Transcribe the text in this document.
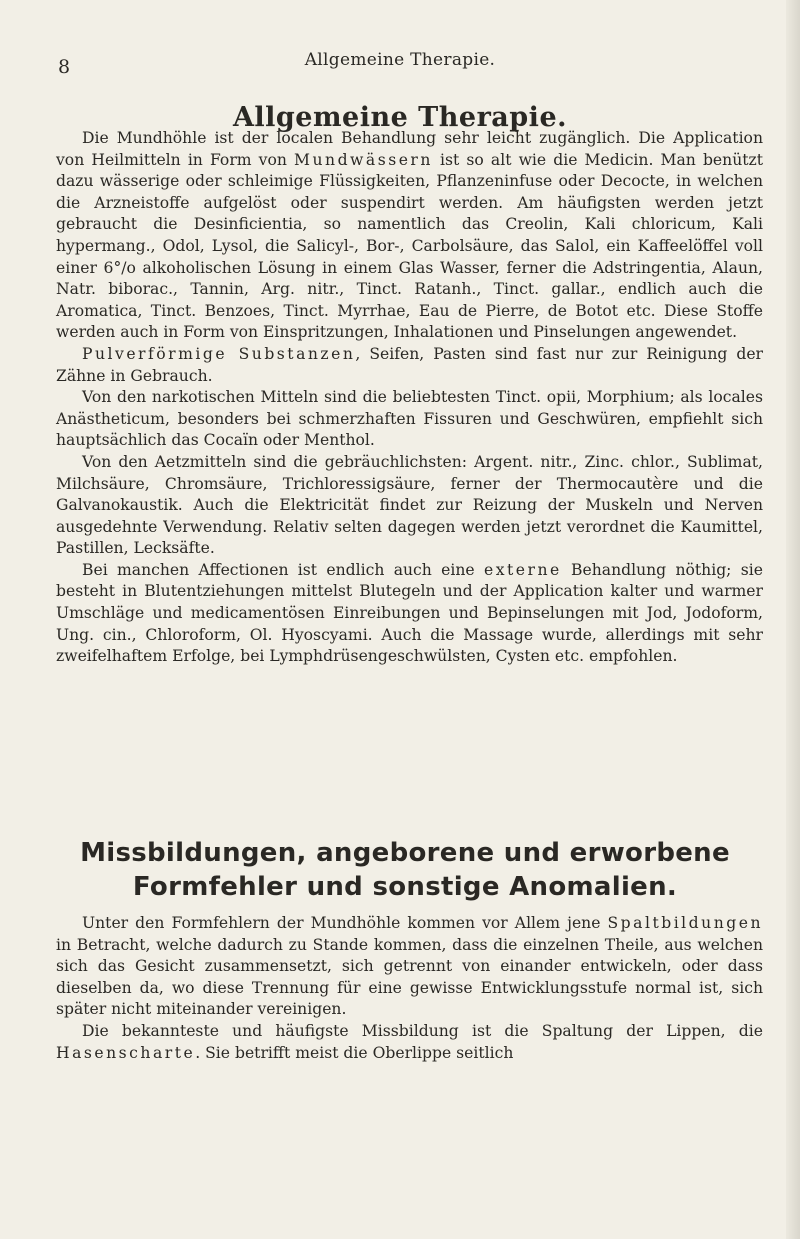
8	Allgemeine Therapie.
Allgemeine Therapie.

Die Mundhöhle ist der localen Behandlung sehr leicht zugänglich. Die Application von Heilmitteln in Form von Mundwässern ist so alt wie die Medicin. Man benützt dazu wässerige oder schleimige Flüssigkeiten, Pflanzeninfuse oder Decocte, in welchen die Arzneistoffe aufgelöst oder suspendirt werden. Am häufigsten werden jetzt gebraucht die Desinficientia, so namentlich das Creolin, Kali chloricum, Kali hypermang., Odol, Lysol, die Salicyl-, Bor-, Carbolsäure, das Salol, ein Kaffeelöffel voll einer 6°/o alkoholischen Lösung in einem Glas Wasser, ferner die Adstringentia, Alaun, Natr. biborac., Tannin, Arg. nitr., Tinct. Ratanh., Tinct. gallar., endlich auch die Aromatica, Tinct. Benzoes, Tinct. Myrrhae, Eau de Pierre, de Botot etc. Diese Stoffe werden auch in Form von Einspritzungen, Inhalationen und Pinselungen angewendet.

Pulverförmige Substanzen, Seifen, Pasten sind fast nur zur Reinigung der Zähne in Gebrauch.

Von den narkotischen Mitteln sind die beliebtesten Tinct. opii, Morphium; als locales Anästheticum, besonders bei schmerzhaften Fissuren und Geschwüren, empfiehlt sich hauptsächlich das Cocaïn oder Menthol.

Von den Aetzmitteln sind die gebräuchlichsten: Argent. nitr., Zinc. chlor., Sublimat, Milchsäure, Chromsäure, Trichloressigsäure, ferner der Thermocautère und die Galvanokaustik. Auch die Elektricität findet zur Reizung der Muskeln und Nerven ausgedehnte Verwendung. Relativ selten dagegen werden jetzt verordnet die Kaumittel, Pastillen, Lecksäfte.

Bei manchen Affectionen ist endlich auch eine externe Behandlung nöthig; sie besteht in Blutentziehungen mittelst Blutegeln und der Application kalter und warmer Umschläge und medicamentösen Einreibungen und Bepinselungen mit Jod, Jodoform, Ung. cin., Chloroform, Ol. Hyoscyami. Auch die Massage wurde, allerdings mit sehr zweifelhaftem Erfolge, bei Lymphdrüsengeschwülsten, Cysten etc. empfohlen.

Missbildungen, angeborene und erworbene Formfehler und sonstige Anomalien.

Unter den Formfehlern der Mundhöhle kommen vor Allem jene Spaltbildungen in Betracht, welche dadurch zu Stande kommen, dass die einzelnen Theile, aus welchen sich das Gesicht zusammensetzt, sich getrennt von einander entwickeln, oder dass dieselben da, wo diese Trennung für eine gewisse Entwicklungsstufe normal ist, sich später nicht miteinander vereinigen.

Die bekannteste und häufigste Missbildung ist die Spaltung der Lippen, die Hasenscharte. Sie betrifft meist die Oberlippe seitlich
